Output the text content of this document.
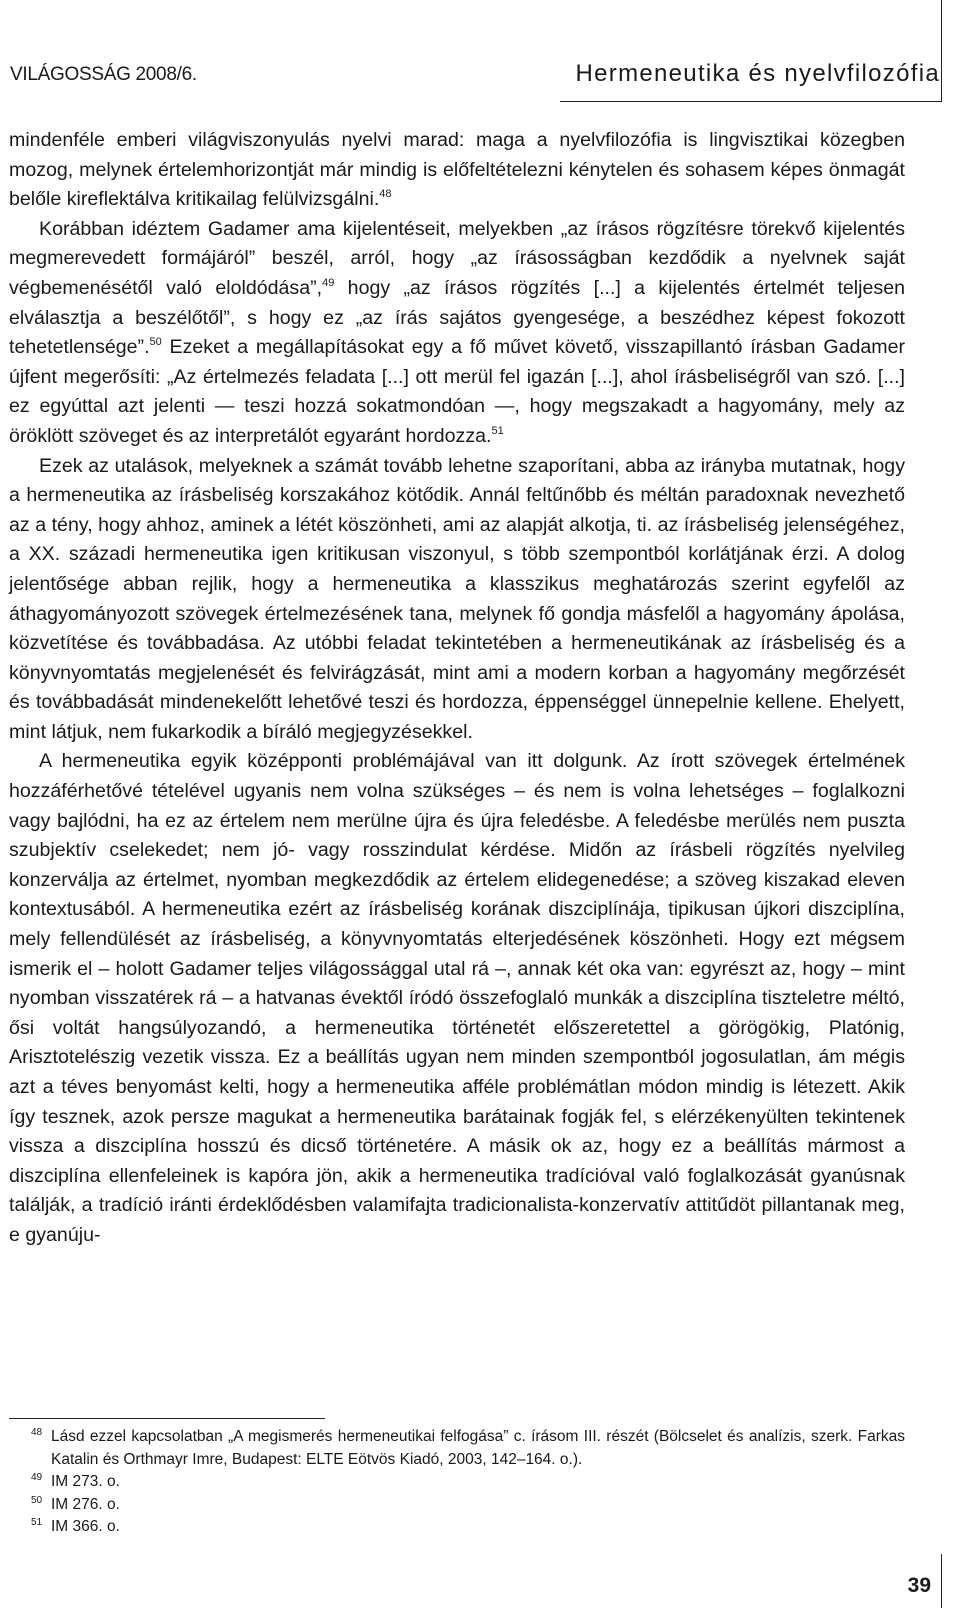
VILÁGOSSÁG 2008/6.	Hermeneutika és nyelvfilozófia

mindenféle emberi világviszonyulás nyelvi marad: maga a nyelvfilozófia is lingvisztikai közegben mozog, melynek értelemhorizontját már mindig is előfeltételezni kénytelen és sohasem képes önmagát belőle kireflektálva kritikailag felülvizsgálni.$^{48}$

Korábban idéztem Gadamer ama kijelentéseit, melyekben „az írásos rögzítésre törekvő kijelentés megmerevedett formájáról” beszél, arról, hogy „az írásosságban kezdődik a nyelvnek saját végbemenésétől való eloldódása”,$^{49}$ hogy „az írásos rögzítés [...] a kijelentés értelmét teljesen elválasztja a beszélőtől”, s hogy ez „az írás sajátos gyengesége, a beszédhez képest fokozott tehetetlensége”.$^{50}$ Ezeket a megállapításokat egy a fő művet követő, visszapillantó írásban Gadamer újfent megerősíti: „Az értelmezés feladata [...] ott merül fel igazán [...], ahol írásbeliségről van szó. [...] ez egyúttal azt jelenti — teszi hozzá sokatmondóan —, hogy megszakadt a hagyomány, mely az öröklött szöveget és az interpretálót egyaránt hordozza.$^{51}$

Ezek az utalások, melyeknek a számát tovább lehetne szaporítani, abba az irányba mutatnak, hogy a hermeneutika az írásbeliség korszakához kötődik. Annál feltűnőbb és méltán paradoxnak nevezhető az a tény, hogy ahhoz, aminek a létét köszönheti, ami az alapját alkotja, ti. az írásbeliség jelenségéhez, a XX. századi hermeneutika igen kritikusan viszonyul, s több szempontból korlátjának érzi. A dolog jelentősége abban rejlik, hogy a hermeneutika a klasszikus meghatározás szerint egyfelől az áthagyományozott szövegek értelmezésének tana, melynek fő gondja másfelől a hagyomány ápolása, közvetítése és továbbadása. Az utóbbi feladat tekintetében a hermeneutikának az írásbeliség és a könyvnyomtatás megjelenését és felvirágzását, mint ami a modern korban a hagyomány megőrzését és továbbadását mindenekelőtt lehetővé teszi és hordozza, éppenséggel ünnepelnie kellene. Ehelyett, mint látjuk, nem fukarkodik a bíráló megjegyzésekkel.

A hermeneutika egyik középponti problémájával van itt dolgunk. Az írott szövegek értelmének hozzáférhetővé tételével ugyanis nem volna szükséges – és nem is volna lehetséges – foglalkozni vagy bajlódni, ha ez az értelem nem merülne újra és újra feledésbe. A feledésbe merülés nem puszta szubjektív cselekedet; nem jó- vagy rosszindulat kérdése. Midőn az írásbeli rögzítés nyelvileg konzerválja az értelmet, nyomban megkezdődik az értelem elidegenedése; a szöveg kiszakad eleven kontextusából. A hermeneutika ezért az írásbeliség korának diszciplínája, tipikusan újkori diszciplína, mely fellendülését az írásbeliség, a könyvnyomtatás elterjedésének köszönheti. Hogy ezt mégsem ismerik el – holott Gadamer teljes világossággal utal rá –, annak két oka van: egyrészt az, hogy – mint nyomban visszatérek rá – a hatvanas évektől íródó összefoglaló munkák a diszciplína tiszteletre méltó, ősi voltát hangsúlyozandó, a hermeneutika történetét előszeretettel a görögökig, Platónig, Arisztotelészig vezetik vissza. Ez a beállítás ugyan nem minden szempontból jogosulatlan, ám mégis azt a téves benyomást kelti, hogy a hermeneutika afféle problémátlan módon mindig is létezett. Akik így tesznek, azok persze magukat a hermeneutika barátainak fogják fel, s elérzékenyülten tekintenek vissza a diszciplína hosszú és dicső történetére. A másik ok az, hogy ez a beállítás mármost a diszciplína ellenfeleinek is kapóra jön, akik a hermeneutika tradícióval való foglalkozását gyanúsnak találják, a tradíció iránti érdeklődésben valamifajta tradicionalista-konzervatív attitűdöt pillantanak meg, e gyanúju-

48 Lásd ezzel kapcsolatban „A megismerés hermeneutikai felfogása” c. írásom III. részét (Bölcselet és analízis, szerk. Farkas Katalin és Orthmayr Imre, Budapest: ELTE Eötvös Kiadó, 2003, 142–164. o.).
49 IM 273. o.
50 IM 276. o.
51 IM 366. o.
39
